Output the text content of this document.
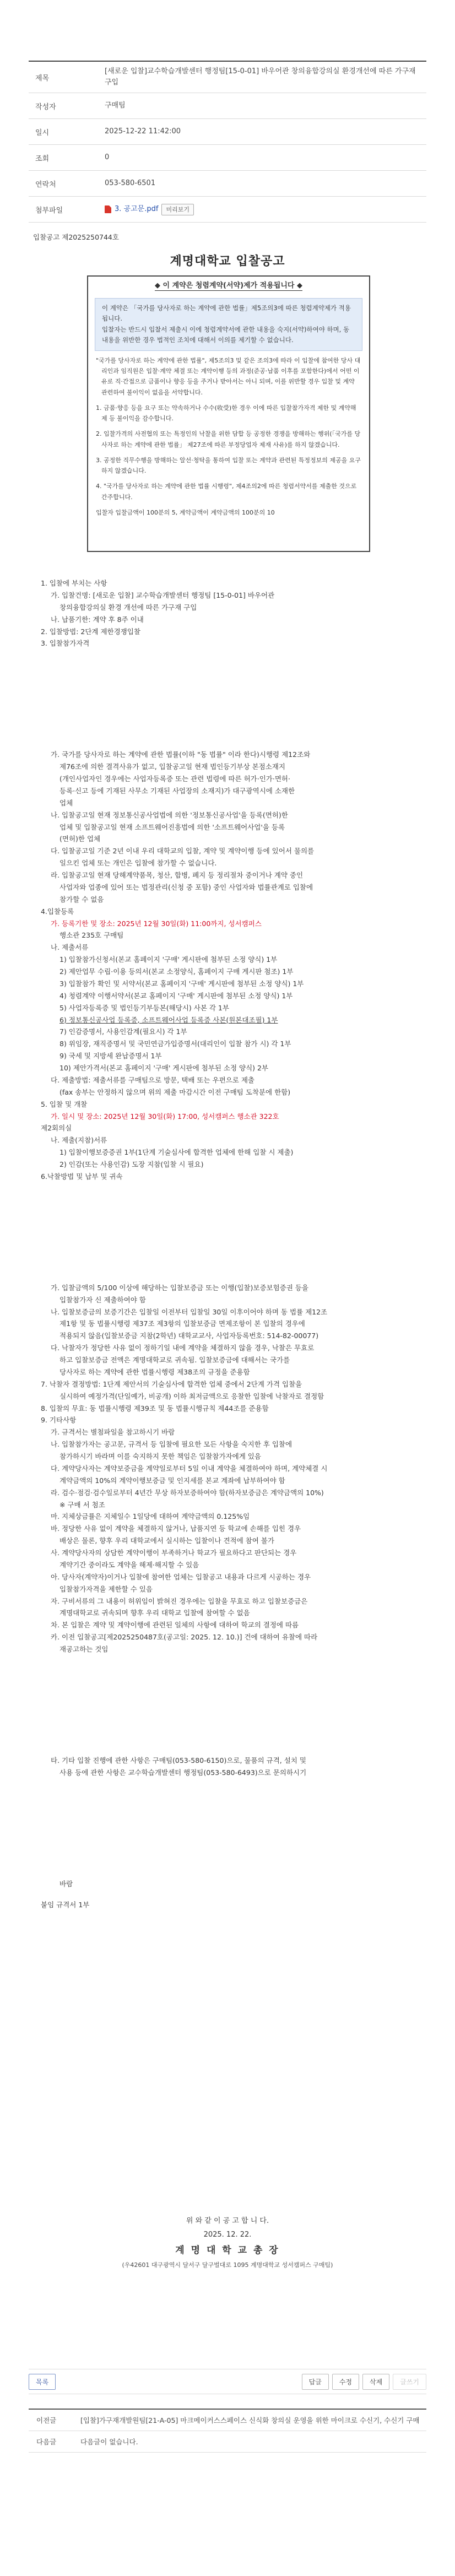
제목
[새로운 입찰]교수학습개발센터 행정팀[15-0-01] 바우어관 창의융합강의실 환경개선에 따른 가구재 구입
작성자	구매팀
일시	2025-12-22 11:42:00
조회	0
연락처	053-580-6501
첨부파일	3. 공고문.pdf	미리보기
입찰공고 제2025250744호
계명대학교 입찰공고
◆ 이 계약은 청렴계약(서약)제가 적용됩니다 ◆
이 계약은 「국가를 당사자로 하는 계약에 관한 법률」제5조의3에 따른 청렴계약제가 적용됩니다.
입찰자는 반드시 입찰서 제출시 이에 청렴계약서에 관한 내용을 숙지(서약)하여야 하며, 동 내용을 위반한 경우 법적인 조치에 대해서 이의를 제기할 수 없습니다.

"국가를 당사자로 하는 계약에 관한 법률", 제5조의3 및 같은 조의3에 따라 이 입찰에 참여한 당사 대리인과 임직원은 입찰·계약 체결 또는 계약이행 등의 과정(준공·납품 이후를 포함한다)에서 어떤 이유로 직·간접으로 금품이나 향응 등을 주거나 받아서는 아니 되며, 이를 위반할 경우 입찰 및 계약 관련하여 불이익이 없음을 서약합니다.

1. 금품·향응 등을 요구 또는 약속하거나 수수(收受)한 경우 이에 따른 입찰참가자격 제한 및 계약해제 등 불이익을 감수합니다.

2. 입찰가격의 사전협의 또는 특정인의 낙찰을 위한 담합 등 공정한 경쟁을 방해하는 행위(「국가를 당사자로 하는 계약에 관한 법률」 제27조에 따른 부정당업자 제재 사유)를 하지 않겠습니다.

3. 공정한 직무수행을 방해하는 알선·청탁을 통하여 입찰 또는 계약과 관련된 특정정보의 제공을 요구하지 않겠습니다.

4. "국가를 당사자로 하는 계약에 관한 법률 시행령", 제4조의2에 따른 청렴서약서를 제출한 것으로 간주합니다.

입찰자 입찰금액이 100분의 5, 계약금액이 계약금액의 100분의 10

1. 입찰에 부치는 사항

가. 입찰건명: [새로운 입찰] 교수학습개발센터 행정팀 [15-0-01] 바우어관

창의융합강의실 환경 개선에 따른 가구재 구입

나. 납품기한: 계약 후 8주 이내

2. 입찰방법: 2단계 제한경쟁입찰

3. 입찰참가자격

가. 국가를 당사자로 하는 계약에 관한 법률(이하 "동 법률" 이라 한다)시행령 제12조와

제76조에 의한 결격사유가 없고, 입찰공고일 현재 법인등기부상 본점소재지

(개인사업자인 경우에는 사업자등록증 또는 관련 법령에 따른 허가·인가·면허·

등록·신고 등에 기재된 사무소 기재된 사업장의 소재지)가 대구광역시에 소재한

업체

나. 입찰공고일 현재 정보통신공사업법에 의한 '정보통신공사업'을 등록(면허)한

업체 및 입찰공고일 현재 소프트웨어진흥법에 의한 '소프트웨어사업'을 등록

(면허)한 업체

다. 입찰공고일 기준 2년 이내 우리 대학교의 입찰, 계약 및 계약이행 등에 있어서 물의를

일으킨 업체 또는 개인은 입찰에 참가할 수 없습니다.

라. 입찰공고일 현재 당해계약품목, 청산, 합병, 폐지 등 정리절차 중이거나 계약 중인

사업자와 업종에 있어 또는 법정관리(신청 중 포함) 중인 사업자와 법률관계로 입찰에

참가할 수 없음

4.입찰등록

가. 등록기한 및 장소: 2025년 12월 30일(화) 11:00까지, 성서캠퍼스

행소관 235호 구매팀

나. 제출서류

1) 입찰참가신청서(본교 홈페이지 '구매' 게시판에 첨부된 소정 양식) 1부

2) 제안업무 수립·이용 등의서(본교 소정양식, 홈페이지 구매 게시판 첨조) 1부

3) 입찰참가 확인 및 서약서(본교 홈페이지 '구매' 게시판에 첨부된 소정 양식) 1부

4) 청렴계약 이행서약서(본교 홈페이지 '구매' 게시판에 첨부된 소정 양식) 1부

5) 사업자등록증 및 법인등기부등본(해당시) 사본 각 1부

6) 정보통신공사업 등록증, 소프트웨어사업 등록증 사본(원본대조필) 1부

7) 인감증명서, 사용인감계(필요시) 각 1부

8) 위임장, 재직증명서 및 국민연금가입증명서(대리인이 입찰 참가 시) 각 1부

9) 국세 및 지방세 완납증명서 1부

10) 제안가격서(본교 홈페이지 '구매' 게시판에 첨부된 소정 양식) 2부

다. 제출방법: 제출서류를 구매팀으로 방문, 택배 또는 우편으로 제출

(fax 송부는 안정하지 않으며 위의 제출 마감시간 이전 구매팀 도착분에 한함)

5. 입찰 및 개찰

가. 일시 및 장소: 2025년 12월 30일(화) 17:00, 성서캠퍼스 행소관 322호

제2회의실

나. 제출(지참)서류

1) 입찰이행보증증권 1부(1단계 기술심사에 합격한 업체에 한해 입찰 시 제출)

2) 인감(또는 사용인감) 도장 지참(입찰 시 필요)

6.낙찰방법 및 납부 및 귀속

가. 입찰금액의 5/100 이상에 해당하는 입찰보증금 또는 이행(입찰)보증보험증권 등을

입찰참가자 신 제출하여야 함

나. 입찰보증금의 보증기간은 입찰일 이전부터 입찰일 30일 이후이어야 하며 동 법률 제12조

제1항 및 동 법률시행령 제37조 제3항의 입찰보증금 면제조항이 본 입찰의 경우에

적용되지 않음(입찰보증금 지참(2학년) 대학교교사, 사업자등록번호: 514-82-00077)

다. 낙찰자가 정당한 사유 없이 정하기일 내에 계약을 체결하지 않을 경우, 낙찰은 무효로

하고 입찰보증금 전액은 계명대학교로 귀속됨. 입찰보증금에 대해서는 국가를

당사자로 하는 계약에 관한 법률시행령 제38조의 규정을 준용함

7. 낙찰자 결정방법: 1단계 제안서의 기술심사에 합격한 업체 중에서 2단계 가격 입찰을

실시하여 예정가격(단일예가, 비공개) 이하 최저금액으로 응찰한 입찰에 낙찰자로 결정함

8. 입찰의 무효: 동 법률시행령 제39조 및 동 법률시행규칙 제44조를 준용함

9. 기타사항

가. 규격서는 별첨파일을 참고하시기 바람

나. 입찰참가자는 공고문, 규격서 등 입찰에 필요한 모든 사항을 숙지한 후 입찰에

참가하시기 바라며 이를 숙지하지 못한 책임은 입찰참가자에게 있음

다. 계약당사자는 계약보증금을 계약일로부터 5일 이내 계약을 체결하여야 하며, 계약체결 시

계약금액의 10%의 계약이행보증금 및 인지세를 본교 계좌에 납부하여야 함

라. 검수·점검·검수일로부터 4년간 무상 하자보증하여야 함(하자보증금은 계약금액의 10%)

※ 구매 서 첨조

마. 지체상금률은 지체일수 1일당에 대하여 계약금액의 0.125%임

바. 정당한 사유 없이 계약을 체결하지 않거나, 납품지연 등 학교에 손해를 입힌 경우

배상은 물론, 향후 우리 대학교에서 실시하는 입찰이나 견적에 참여 불가

사. 계약당사자의 상담한 계약이행이 부족하거나 학교가 필요하다고 판단되는 경우

계약기간 중이라도 계약을 해제·해지할 수 있음

아. 당사자(계약자)이거나 입찰에 참여한 업체는 입찰공고 내용과 다르게 시공하는 경우

입찰참가자격을 제한할 수 있음

자. 구비서류의 그 내용이 허위임이 밝혀진 경우에는 입찰을 무효로 하고 입찰보증금은

계명대학교로 귀속되며 향후 우리 대학교 입찰에 참여할 수 없음

차. 본 입찰은 계약 및 계약이행에 관련된 일체의 사항에 대하여 학교의 결정에 따름

카. 이전 입찰공고[제2025250487호(공고일: 2025. 12. 10.)] 건에 대하여 유찰에 따라

재공고하는 것임

타. 기타 입찰 진행에 관한 사항은 구매팀(053-580-6150)으로, 물품의 규격, 설치 및

사용 등에 관한 사항은 교수학습개발센터 행정팀(053-580-6493)으로 문의하시기

바람

붙임 규격서 1부

위 와 같 이 공 고 합 니 다.
2025. 12. 22.
계 명 대 학 교 총 장
(우42601 대구광역시 달서구 달구벌대로 1095 계명대학교 성서캠퍼스 구매팀)
목록	답글	수정	삭제	글쓰기
이전글	[입찰]가구재개발원팀[21-A-05] 마크메이커스스페이스 신식화 창의실 운영을 위한 마이크로 수신기, 수신기 구매
다음글	다음글이 없습니다.
